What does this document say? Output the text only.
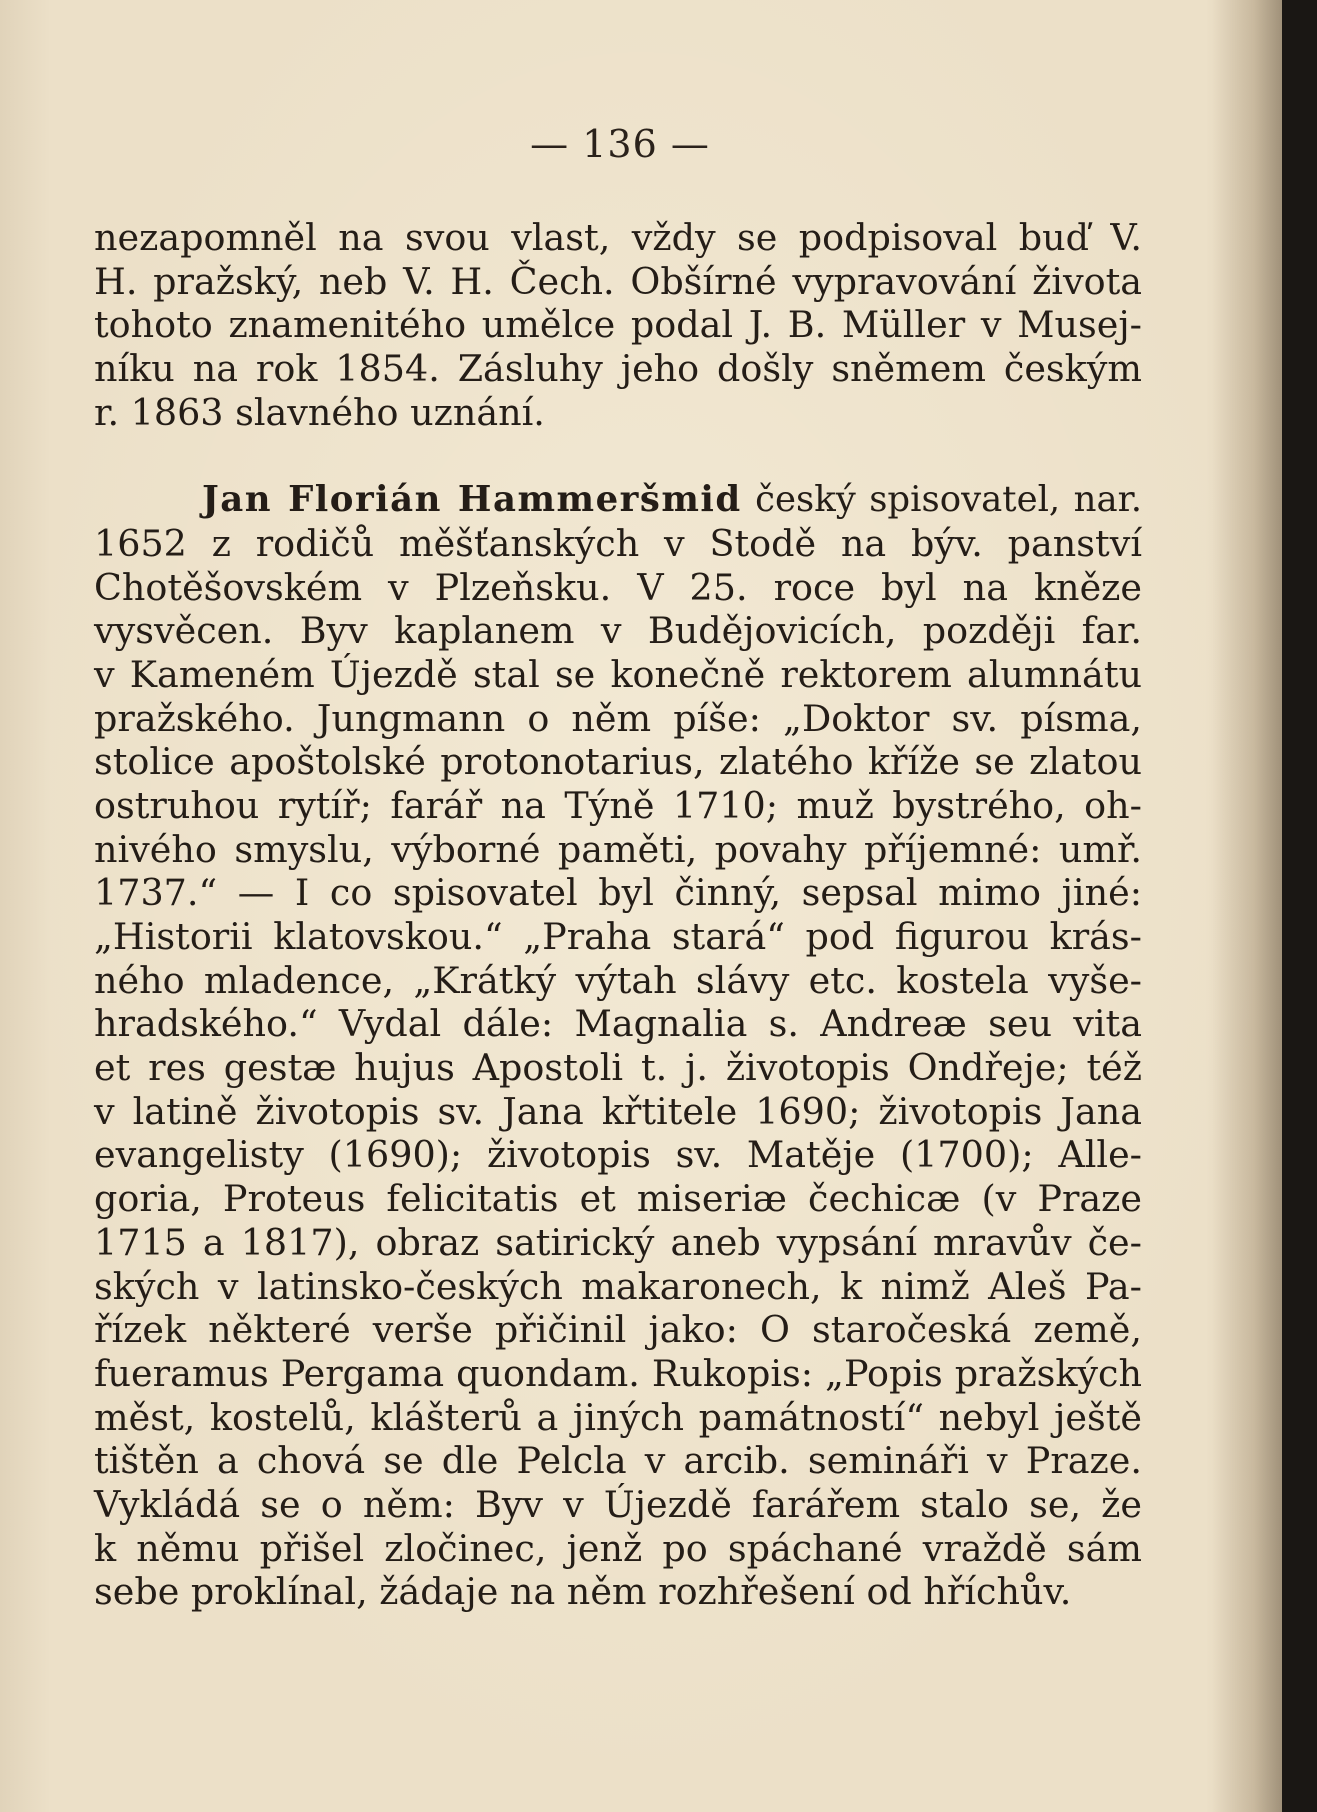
— 136 —
nezapomněl na svou vlast, vždy se podpisoval buď V.
H. pražský, neb V. H. Čech. Obšírné vypravování života
tohoto znamenitého umělce podal J. B. Müller v Musej-
níku na rok 1854. Zásluhy jeho došly sněmem českým
r. 1863 slavného uznání.
Jan Florián Hammeršmid český spisovatel, nar.
1652 z rodičů měšťanských v Stodě na býv. panství
Chotěšovském v Plzeňsku. V 25. roce byl na kněze
vysvěcen. Byv kaplanem v Budějovicích, později far.
v Kameném Újezdě stal se konečně rektorem alumnátu
pražského. Jungmann o něm píše: „Doktor sv. písma,
stolice apoštolské protonotarius, zlatého kříže se zlatou
ostruhou rytíř; farář na Týně 1710; muž bystrého, oh-
nivého smyslu, výborné paměti, povahy příjemné: umř.
1737.“ — I co spisovatel byl činný, sepsal mimo jiné:
„Historii klatovskou.“ „Praha stará“ pod figurou krás-
ného mladence, „Krátký výtah slávy etc. kostela vyše-
hradského.“ Vydal dále: Magnalia s. Andreæ seu vita
et res gestæ hujus Apostoli t. j. životopis Ondřeje; též
v latině životopis sv. Jana křtitele 1690; životopis Jana
evangelisty (1690); životopis sv. Matěje (1700); Alle-
goria, Proteus felicitatis et miseriæ čechicæ (v Praze
1715 a 1817), obraz satirický aneb vypsání mravův če-
ských v latinsko-českých makaronech, k nimž Aleš Pa-
řízek některé verše přičinil jako: O staročeská země,
fueramus Pergama quondam. Rukopis: „Popis pražských
měst, kostelů, klášterů a jiných památností“ nebyl ještě
tištěn a chová se dle Pelcla v arcib. semináři v Praze.
Vykládá se o něm: Byv v Újezdě farářem stalo se, že
k němu přišel zločinec, jenž po spáchané vraždě sám
sebe proklínal, žádaje na něm rozhřešení od hříchův.
